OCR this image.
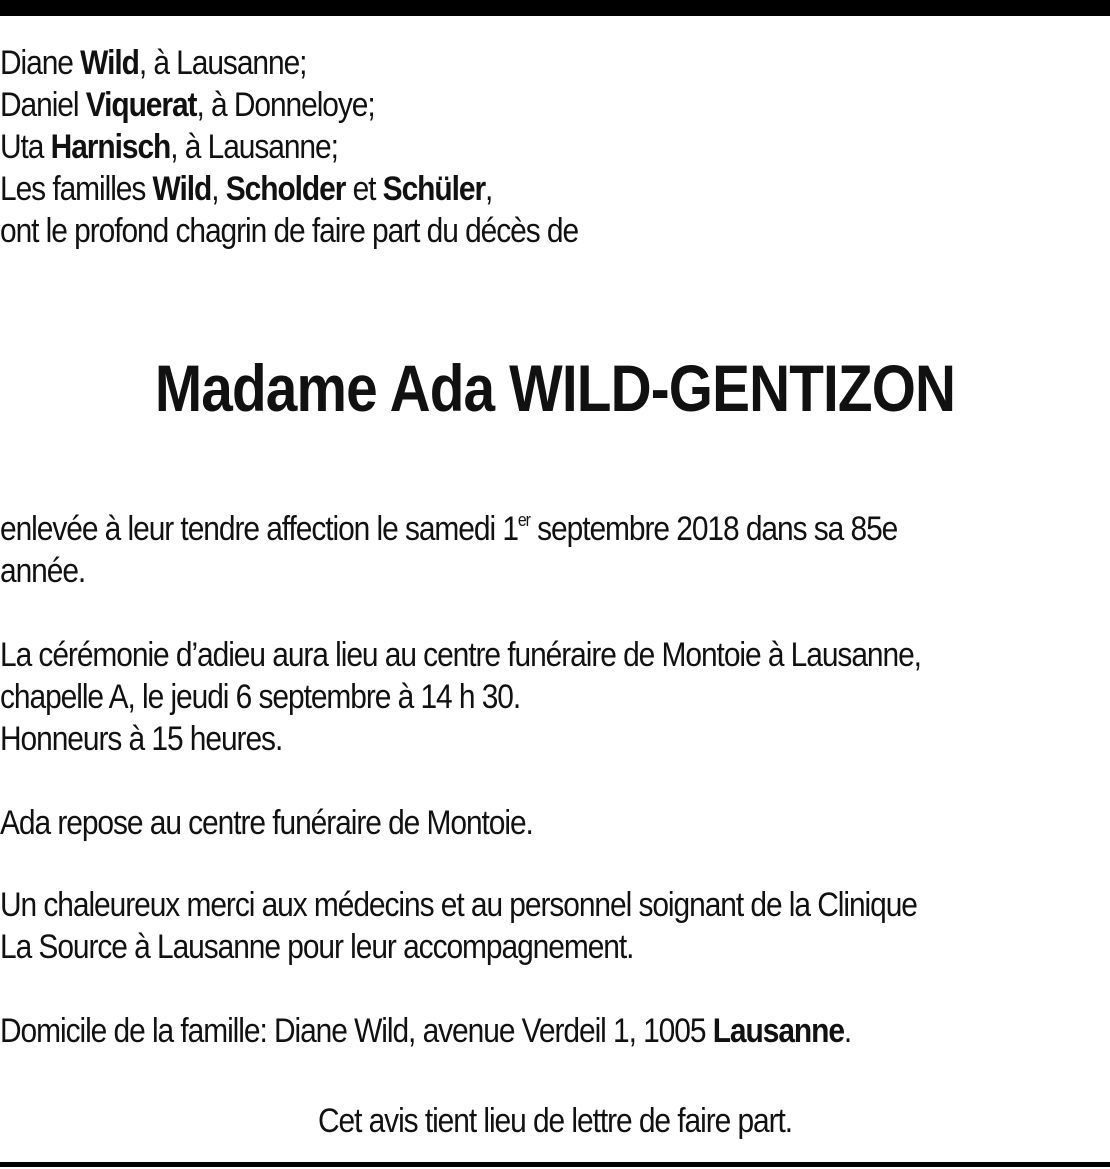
Diane Wild, à Lausanne;
Daniel Viquerat, à Donneloye;
Uta Harnisch, à Lausanne;
Les familles Wild, Scholder et Schüler,
ont le profond chagrin de faire part du décès de
Madame Ada WILD-GENTIZON
enlevée à leur tendre affection le samedi 1er septembre 2018 dans sa 85e
année.
La cérémonie d’adieu aura lieu au centre funéraire de Montoie à Lausanne,
chapelle A, le jeudi 6 septembre à 14 h 30.
Honneurs à 15 heures.
Ada repose au centre funéraire de Montoie.
Un chaleureux merci aux médecins et au personnel soignant de la Clinique
La Source à Lausanne pour leur accompagnement.
Domicile de la famille: Diane Wild, avenue Verdeil 1, 1005 Lausanne.
Cet avis tient lieu de lettre de faire part.
